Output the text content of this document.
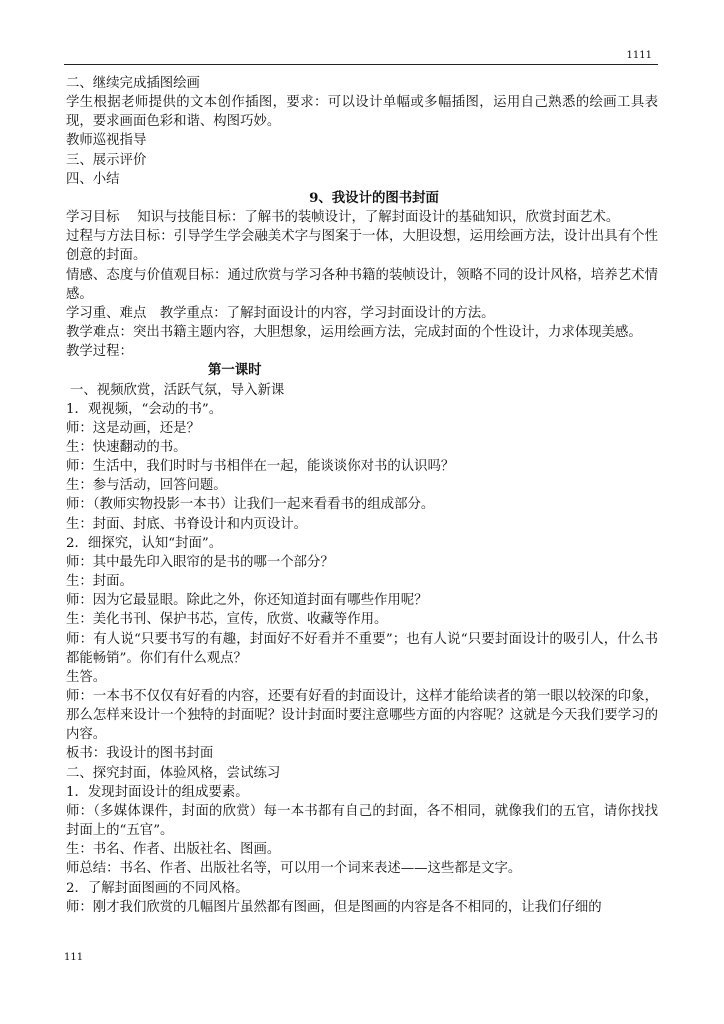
1111

二、继续完成插图绘画

学生根据老师提供的文本创作插图，要求：可以设计单幅或多幅插图，运用自己熟悉的绘画工具表现，要求画面色彩和谐、构图巧妙。

教师巡视指导

三、展示评价

四、小结

9、我设计的图书封面

学习目标　 知识与技能目标：了解书的装帧设计，了解封面设计的基础知识，欣赏封面艺术。

过程与方法目标：引导学生学会融美术字与图案于一体，大胆设想，运用绘画方法，设计出具有个性创意的封面。

情感、态度与价值观目标：通过欣赏与学习各种书籍的装帧设计，领略不同的设计风格，培养艺术情感。

学习重、难点　教学重点：了解封面设计的内容，学习封面设计的方法。

教学难点：突出书籍主题内容，大胆想象，运用绘画方法，完成封面的个性设计，力求体现美感。

教学过程：

第一课时

一、视频欣赏，活跃气氛，导入新课

1．观视频，“会动的书”。

师：这是动画，还是？

生：快速翻动的书。

师：生活中，我们时时与书相伴在一起，能谈谈你对书的认识吗？

生：参与活动，回答问题。

师：（教师实物投影一本书）让我们一起来看看书的组成部分。

生：封面、封底、书脊设计和内页设计。

2．细探究，认知“封面”。

师：其中最先印入眼帘的是书的哪一个部分？

生：封面。

师：因为它最显眼。除此之外，你还知道封面有哪些作用呢？

生：美化书刊、保护书芯，宣传，欣赏、收藏等作用。

师：有人说“只要书写的有趣，封面好不好看并不重要”；也有人说“只要封面设计的吸引人，什么书都能畅销”。你们有什么观点？

生答。

师：一本书不仅仅有好看的内容，还要有好看的封面设计，这样才能给读者的第一眼以较深的印象，那么怎样来设计一个独特的封面呢？设计封面时要注意哪些方面的内容呢？这就是今天我们要学习的内容。

板书：我设计的图书封面

二、探究封面，体验风格，尝试练习

1．发现封面设计的组成要素。

师：（多媒体课件，封面的欣赏）每一本书都有自己的封面，各不相同，就像我们的五官，请你找找封面上的“五官”。

生：书名、作者、出版社名、图画。

师总结：书名、作者、出版社名等，可以用一个词来表述——这些都是文字。

2．了解封面图画的不同风格。

师：刚才我们欣赏的几幅图片虽然都有图画，但是图画的内容是各不相同的，让我们仔细的

111
